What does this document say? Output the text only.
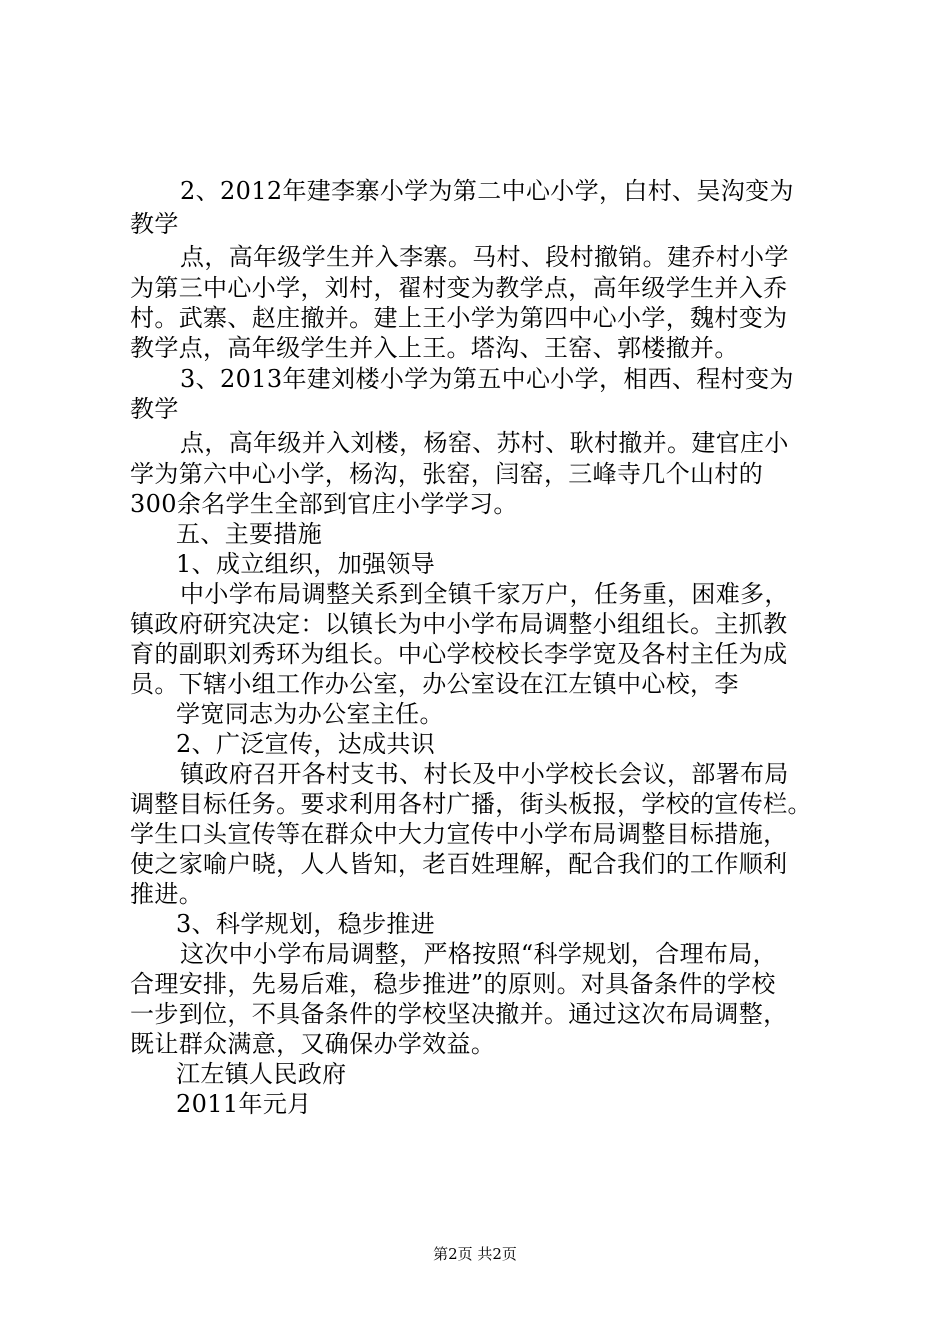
2、2012年建李寨小学为第二中心小学，白村、吴沟变为
教学
点，高年级学生并入李寨。马村、段村撤销。建乔村小学
为第三中心小学，刘村，翟村变为教学点，高年级学生并入乔
村。武寨、赵庄撤并。建上王小学为第四中心小学，魏村变为
教学点，高年级学生并入上王。塔沟、王窑、郭楼撤并。
3、2013年建刘楼小学为第五中心小学，相西、程村变为
教学
点，高年级并入刘楼，杨窑、苏村、耿村撤并。建官庄小
学为第六中心小学，杨沟，张窑，闫窑，三峰寺几个山村的
300余名学生全部到官庄小学学习。
五、主要措施
1、成立组织，加强领导
中小学布局调整关系到全镇千家万户，任务重，困难多，
镇政府研究决定：以镇长为中小学布局调整小组组长。主抓教
育的副职刘秀环为组长。中心学校校长李学宽及各村主任为成
员。下辖小组工作办公室，办公室设在江左镇中心校，李
学宽同志为办公室主任。
2、广泛宣传，达成共识
镇政府召开各村支书、村长及中小学校长会议，部署布局
调整目标任务。要求利用各村广播，街头板报，学校的宣传栏。
学生口头宣传等在群众中大力宣传中小学布局调整目标措施，
使之家喻户晓，人人皆知，老百姓理解，配合我们的工作顺利
推进。
3、科学规划，稳步推进
这次中小学布局调整，严格按照“科学规划，合理布局，
合理安排，先易后难，稳步推进”的原则。对具备条件的学校
一步到位，不具备条件的学校坚决撤并。通过这次布局调整，
既让群众满意，又确保办学效益。
江左镇人民政府
2011年元月
第2页 共2页
